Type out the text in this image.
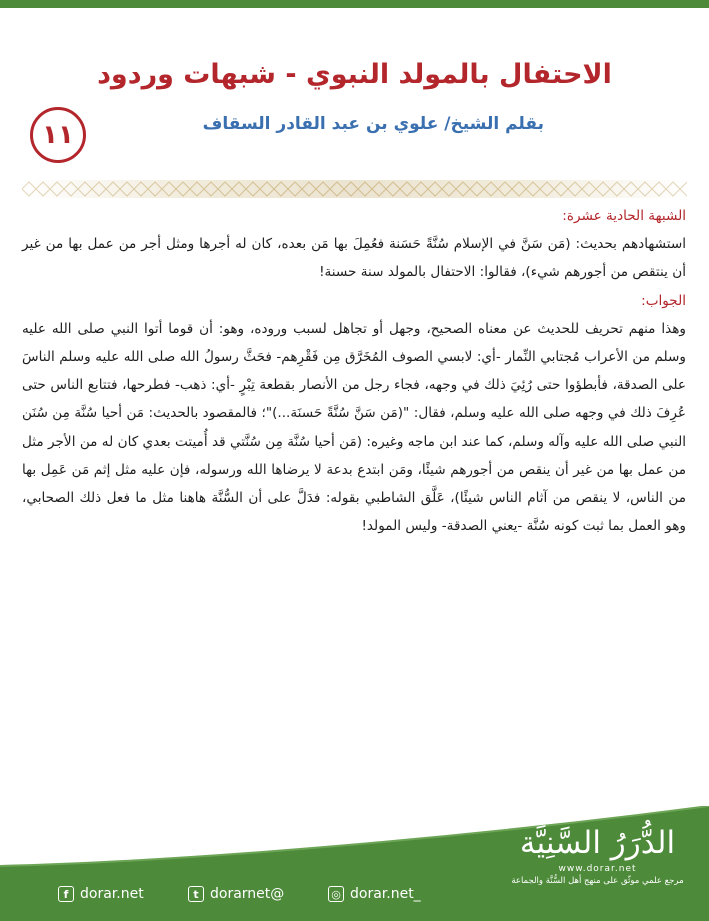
الاحتفال بالمولد النبوي - شبهات وردود
بقلم الشيخ/ علوي بن عبد القادر السقاف
١١

الشبهة الحادية عشرة:

استشهادهم بحديث: (مَن سَنَّ في الإسلام سُنَّةً حَسَنة فعُمِلَ بها مَن بعده، كان له أجرها ومثل أجر من عمل بها من غير أن ينتقص من أجورهم شيء)، فقالوا: الاحتفال بالمولد سنة حسنة!

الجواب:

وهذا منهم تحريف للحديث عن معناه الصحيح، وجهل أو تجاهل لسبب وروده، وهو: أن قوما أتوا النبي صلى الله عليه وسلم من الأعراب مُجتابي النِّمار -أي: لابسي الصوف المُخَرَّق مِن فَقْرِهم- فحَثَّ رسولُ الله صلى الله عليه وسلم الناسَ على الصدقة، فأبطؤوا حتى رُئِيَ ذلك في وجهه، فجاء رجل من الأنصار بقطعة تِبْرٍ -أي: ذهب- فطرحها، فتتابع الناس حتى عُرِفَ ذلك في وجهه صلى الله عليه وسلم، فقال: "(مَن سَنَّ سُنَّةً حَسنَة...)"؛ فالمقصود بالحديث: مَن أحيا سُنَّة مِن سُنَن النبي صلى الله عليه وآله وسلم، كما عند ابن ماجه وغيره: (مَن أحيا سُنَّة مِن سُنَّتي قد أُميتت بعدي كان له من الأجر مثل من عمل بها من غير أن ينقص من أجورهم شيئًا، ومَن ابتدع بدعة لا يرضاها الله ورسوله، فإن عليه مثل إثم مَن عَمِل بها من الناس، لا ينقص من آثام الناس شيئًا)، عَلَّق الشاطبي بقوله: فدَلَّ على أن السُّنَّة هاهنا مثل ما فعل ذلك الصحابي، وهو العمل بما ثبت كونه سُنَّة -يعني الصدقة- وليس المولد!

الدُّرَرُ السَّنِيَّة
www.dorar.net
مرجع علمي موثّق على منهج أهل السُّنَّة والجماعة
f dorar.net	t dorarnet@	◎ dorar.net_
